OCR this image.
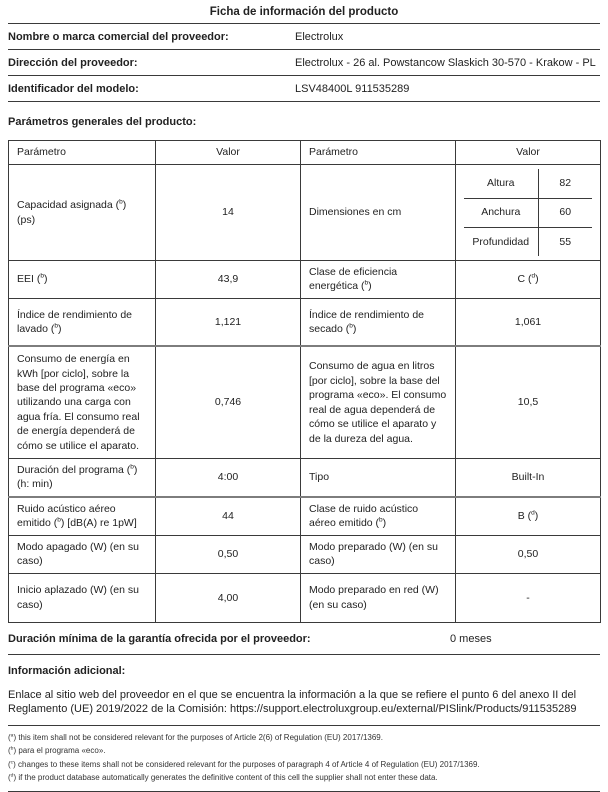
Ficha de información del producto
Nombre o marca comercial del proveedor:	Electrolux
Dirección del proveedor:	Electrolux - 26 al. Powstancow Slaskich 30-570 - Krakow - PL
Identificador del modelo:	LSV48400L 911535289
Parámetros generales del producto:
Parámetro	Valor	Parámetro	Valor
Capacidad asignada ($^b$) (ps)	14	Dimensiones en cm	
Altura	82
Anchura	60
Profundidad	55

EEI ($^b$)	43,9	Clase de eficiencia energética ($^b$)	C ($^d$)
Índice de rendimiento de lavado ($^b$)	1,121	Índice de rendimiento de secado ($^b$)	1,061
Consumo de energía en kWh [por ciclo], sobre la base del programa «eco» utilizando una carga con agua fría. El consumo real de energía dependerá de cómo se utilice el aparato.	0,746	Consumo de agua en litros [por ciclo], sobre la base del programa «eco». El consumo real de agua dependerá de cómo se utilice el aparato y de la dureza del agua.	10,5
Duración del programa ($^b$) (h: min)	4:00	Tipo	Built-In
Ruido acústico aéreo emitido ($^b$) [dB(A) re 1pW]	44	Clase de ruido acústico aéreo emitido ($^b$)	B ($^d$)
Modo apagado (W) (en su caso)	0,50	Modo preparado (W) (en su caso)	0,50
Inicio aplazado (W) (en su caso)	4,00	Modo preparado en red (W) (en su caso)	-
Duración mínima de la garantía ofrecida por el proveedor:	0 meses
Información adicional:
Enlace al sitio web del proveedor en el que se encuentra la información a la que se refiere el punto 6 del anexo II del Reglamento (UE) 2019/2022 de la Comisión: https://support.electroluxgroup.eu/external/PISlink/Products/911535289
($^a$) this item shall not be considered relevant for the purposes of Article 2(6) of Regulation (EU) 2017/1369.
($^b$) para el programa «eco».
($^c$) changes to these items shall not be considered relevant for the purposes of paragraph 4 of Article 4 of Regulation (EU) 2017/1369.
($^d$) if the product database automatically generates the definitive content of this cell the supplier shall not enter these data.
